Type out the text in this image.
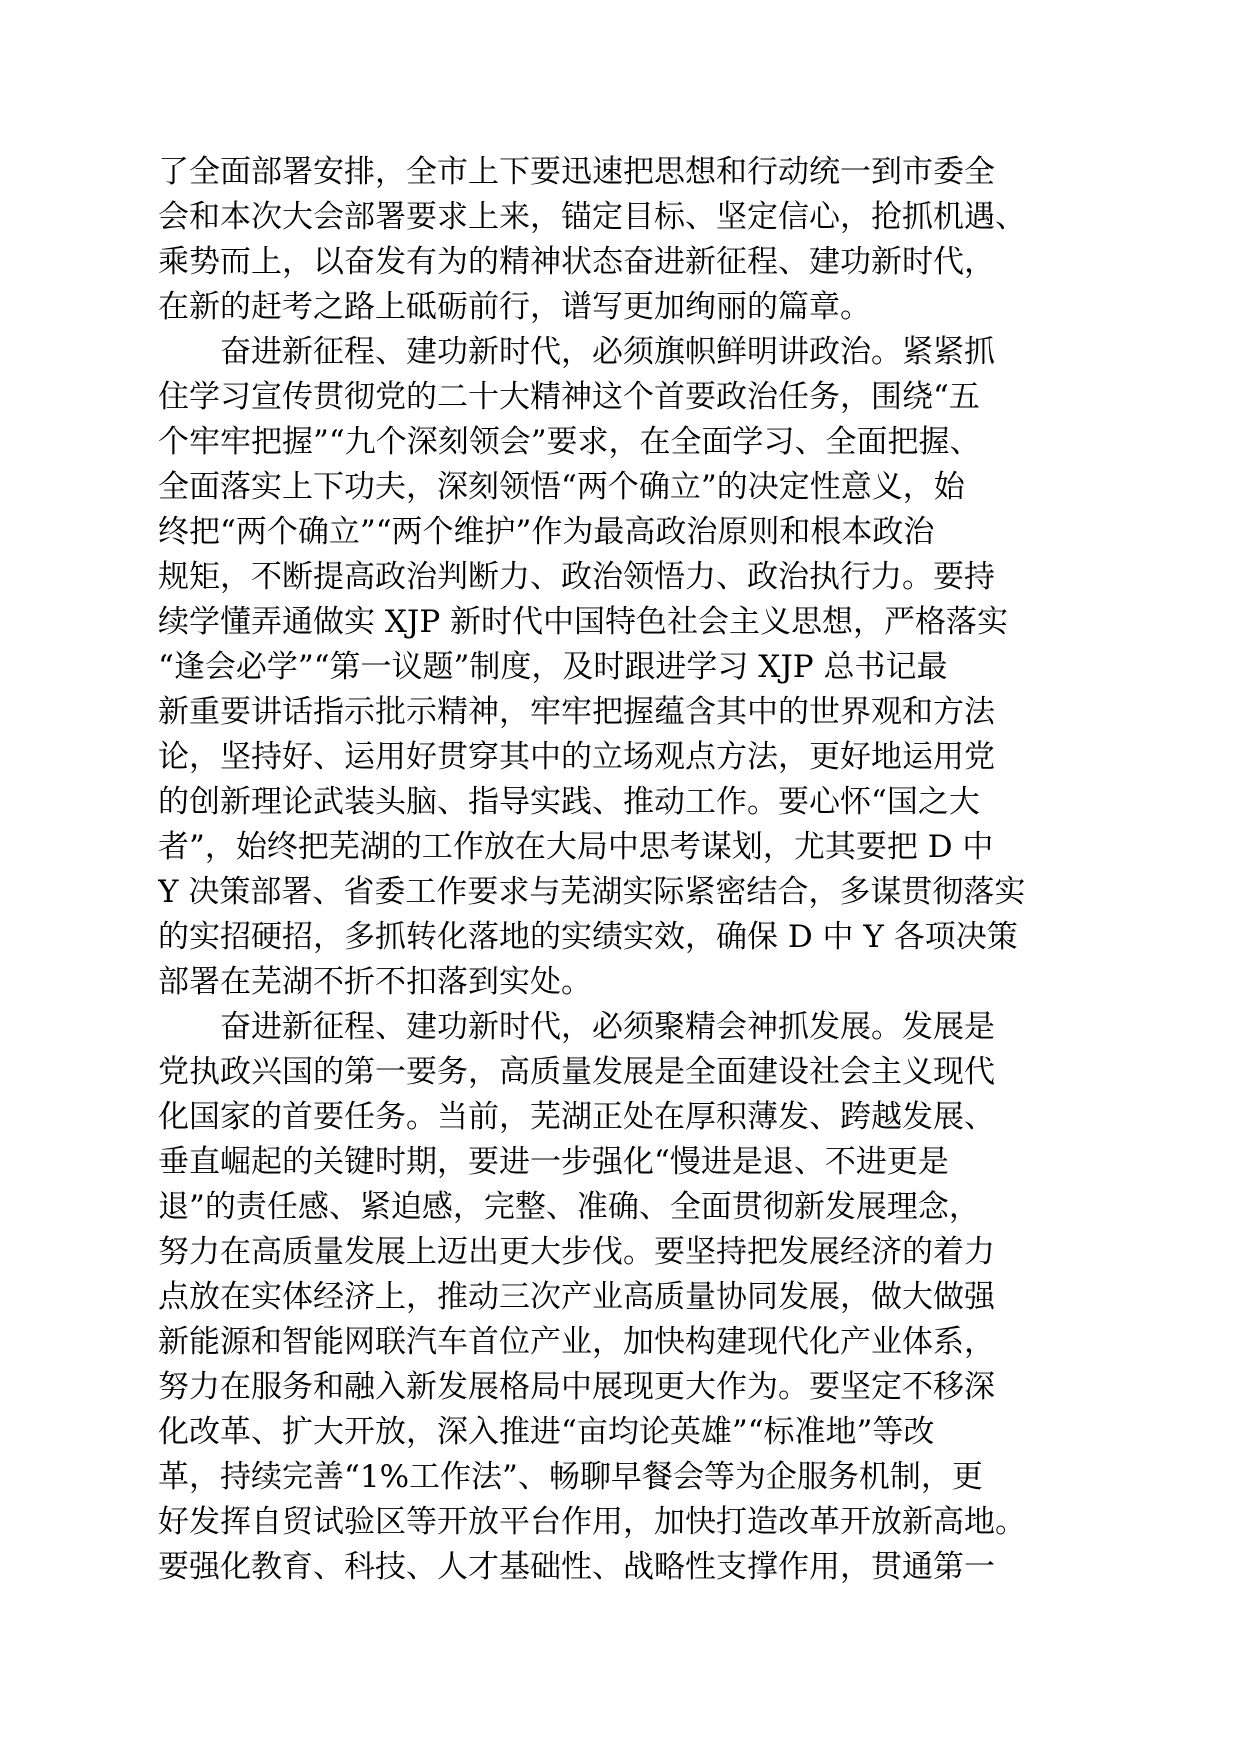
了全面部署安排，全市上下要迅速把思想和行动统一到市委全
会和本次大会部署要求上来，锚定目标、坚定信心，抢抓机遇、
乘势而上，以奋发有为的精神状态奋进新征程、建功新时代，
在新的赶考之路上砥砺前行，谱写更加绚丽的篇章。
　　奋进新征程、建功新时代，必须旗帜鲜明讲政治。紧紧抓
住学习宣传贯彻党的二十大精神这个首要政治任务，围绕“五
个牢牢把握”“九个深刻领会”要求，在全面学习、全面把握、
全面落实上下功夫，深刻领悟“两个确立”的决定性意义，始
终把“两个确立”“两个维护”作为最高政治原则和根本政治
规矩，不断提高政治判断力、政治领悟力、政治执行力。要持
续学懂弄通做实 XJP 新时代中国特色社会主义思想，严格落实
“逢会必学”“第一议题”制度，及时跟进学习 XJP 总书记最
新重要讲话指示批示精神，牢牢把握蕴含其中的世界观和方法
论，坚持好、运用好贯穿其中的立场观点方法，更好地运用党
的创新理论武装头脑、指导实践、推动工作。要心怀“国之大
者”，始终把芜湖的工作放在大局中思考谋划，尤其要把 D 中
Y 决策部署、省委工作要求与芜湖实际紧密结合，多谋贯彻落实
的实招硬招，多抓转化落地的实绩实效，确保 D 中 Y 各项决策
部署在芜湖不折不扣落到实处。
　　奋进新征程、建功新时代，必须聚精会神抓发展。发展是
党执政兴国的第一要务，高质量发展是全面建设社会主义现代
化国家的首要任务。当前，芜湖正处在厚积薄发、跨越发展、
垂直崛起的关键时期，要进一步强化“慢进是退、不进更是
退”的责任感、紧迫感，完整、准确、全面贯彻新发展理念，
努力在高质量发展上迈出更大步伐。要坚持把发展经济的着力
点放在实体经济上，推动三次产业高质量协同发展，做大做强
新能源和智能网联汽车首位产业，加快构建现代化产业体系，
努力在服务和融入新发展格局中展现更大作为。要坚定不移深
化改革、扩大开放，深入推进“亩均论英雄”“标准地”等改
革，持续完善“1%工作法”、畅聊早餐会等为企服务机制，更
好发挥自贸试验区等开放平台作用，加快打造改革开放新高地。
要强化教育、科技、人才基础性、战略性支撑作用，贯通第一
